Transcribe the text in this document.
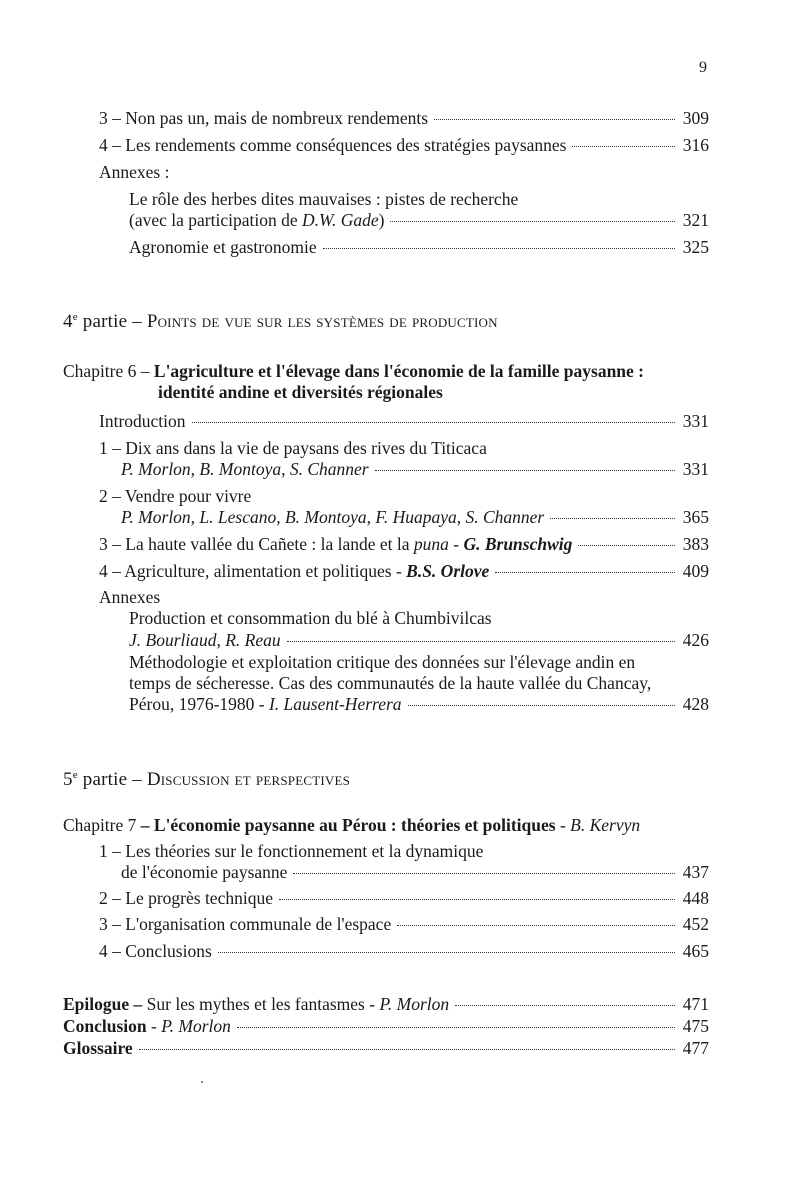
9
3 – Non pas un, mais de nombreux rendements	309
4 – Les rendements comme conséquences des stratégies paysannes	316
Annexes :
Le rôle des herbes dites mauvaises : pistes de recherche
(avec la participation de D.W. Gade)	321
Agronomie et gastronomie	325
4e partie – Points de vue sur les systèmes de production
Chapitre 6 – L'agriculture et l'élevage dans l'économie de la famille paysanne :
identité andine et diversités régionales
Introduction	331
1 – Dix ans dans la vie de paysans des rives du Titicaca
P. Morlon, B. Montoya, S. Channer	331
2 – Vendre pour vivre
P. Morlon, L. Lescano, B. Montoya, F. Huapaya, S. Channer	365
3 – La haute vallée du Cañete : la lande et la puna - G. Brunschwig	383
4 – Agriculture, alimentation et politiques - B.S. Orlove	409
Annexes
Production et consommation du blé à Chumbivilcas
J. Bourliaud, R. Reau	426
Méthodologie et exploitation critique des données sur l'élevage andin en
temps de sécheresse. Cas des communautés de la haute vallée du Chancay,
Pérou, 1976-1980 - I. Lausent-Herrera	428
5e partie – Discussion et perspectives
Chapitre 7 – L'économie paysanne au Pérou : théories et politiques - B. Kervyn
1 – Les théories sur le fonctionnement et la dynamique
de l'économie paysanne	437
2 – Le progrès technique	448
3 – L'organisation communale de l'espace	452
4 – Conclusions	465
Epilogue – Sur les mythes et les fantasmes - P. Morlon	471
Conclusion - P. Morlon	475
Glossaire	477
